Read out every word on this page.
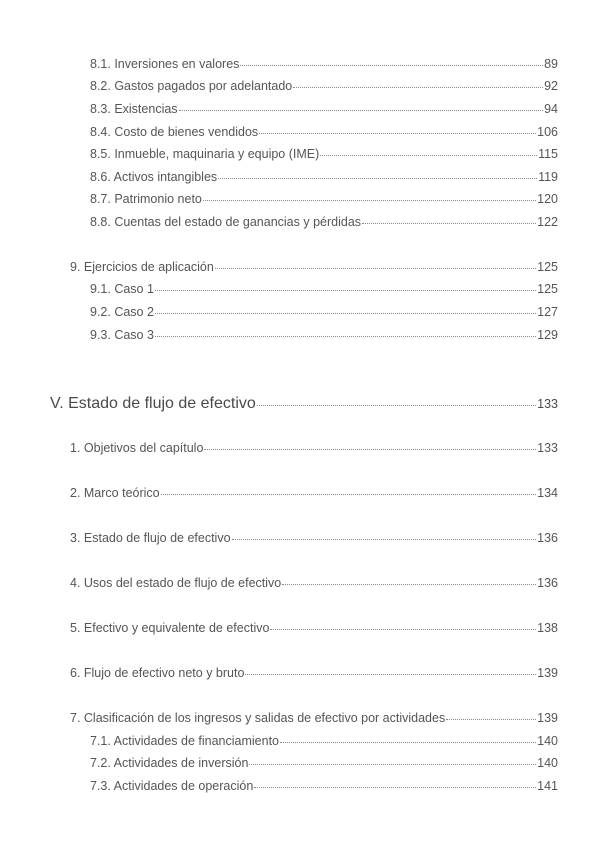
8.1. Inversiones en valores	89
8.2. Gastos pagados por adelantado	92
8.3. Existencias	94
8.4. Costo de bienes vendidos	106
8.5. Inmueble, maquinaria y equipo (IME)	115
8.6. Activos intangibles	119
8.7. Patrimonio neto	120
8.8. Cuentas del estado de ganancias y pérdidas	122
9. Ejercicios de aplicación	125
9.1. Caso 1	125
9.2. Caso 2	127
9.3. Caso 3	129
V. Estado de flujo de efectivo	133
1. Objetivos del capítulo	133
2. Marco teórico	134
3. Estado de flujo de efectivo	136
4. Usos del estado de flujo de efectivo	136
5. Efectivo y equivalente de efectivo	138
6. Flujo de efectivo neto y bruto	139
7. Clasificación de los ingresos y salidas de efectivo por actividades	139
7.1. Actividades de financiamiento	140
7.2. Actividades de inversión	140
7.3. Actividades de operación	141
